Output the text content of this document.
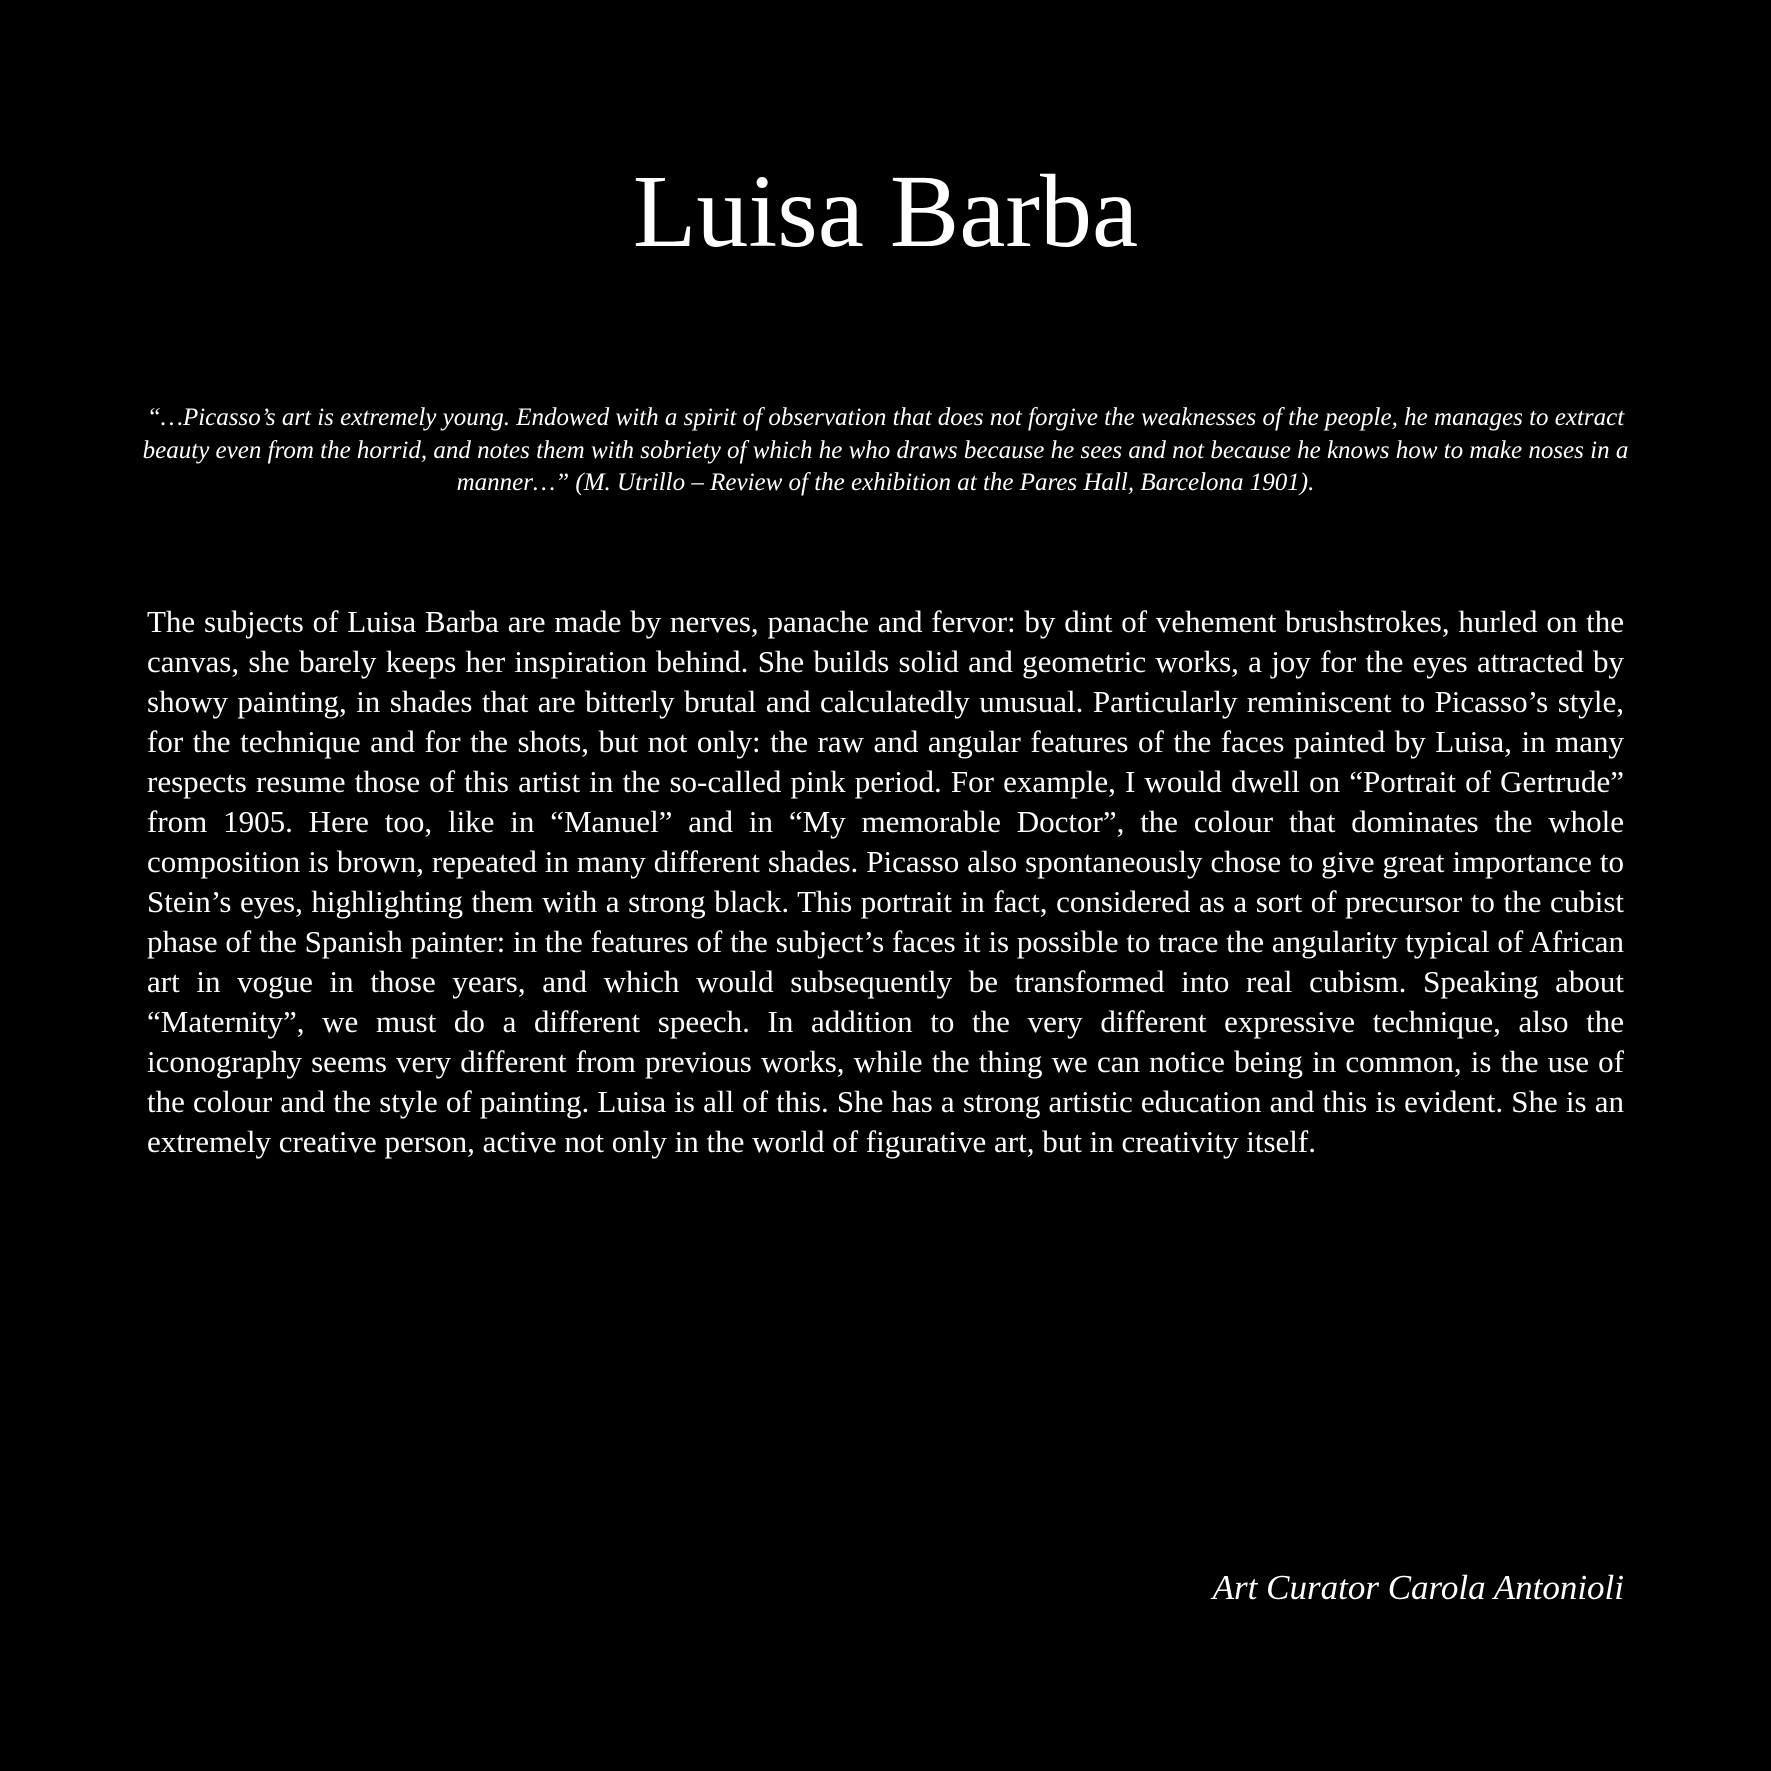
Luisa Barba

“…Picasso’s art is extremely young. Endowed with a spirit of observation that does not forgive the weaknesses of the people, he manages to extract beauty even from the horrid, and notes them with sobriety of which he who draws because he sees and not because he knows how to make noses in a manner…” (M. Utrillo – Review of the exhibition at the Pares Hall, Barcelona 1901).

The subjects of Luisa Barba are made by nerves, panache and fervor: by dint of vehement brushstrokes, hurled on the canvas, she barely keeps her inspiration behind. She builds solid and geometric works, a joy for the eyes attracted by showy painting, in shades that are bitterly brutal and calculatedly unusual. Particularly reminiscent to Picasso’s style, for the technique and for the shots, but not only: the raw and angular features of the faces painted by Luisa, in many respects resume those of this artist in the so-called pink period. For example, I would dwell on “Portrait of Gertrude” from 1905. Here too, like in “Manuel” and in “My memorable Doctor”, the colour that dominates the whole composition is brown, repeated in many different shades. Picasso also spontaneously chose to give great importance to Stein’s eyes, highlighting them with a strong black. This portrait in fact, considered as a sort of precursor to the cubist phase of the Spanish painter: in the features of the subject’s faces it is possible to trace the angularity typical of African art in vogue in those years, and which would subsequently be transformed into real cubism. Speaking about “Maternity”, we must do a different speech. In addition to the very different expressive technique, also the iconography seems very different from previous works, while the thing we can notice being in common, is the use of the colour and the style of painting. Luisa is all of this. She has a strong artistic education and this is evident. She is an extremely creative person, active not only in the world of figurative art, but in creativity itself.

Art Curator Carola Antonioli
